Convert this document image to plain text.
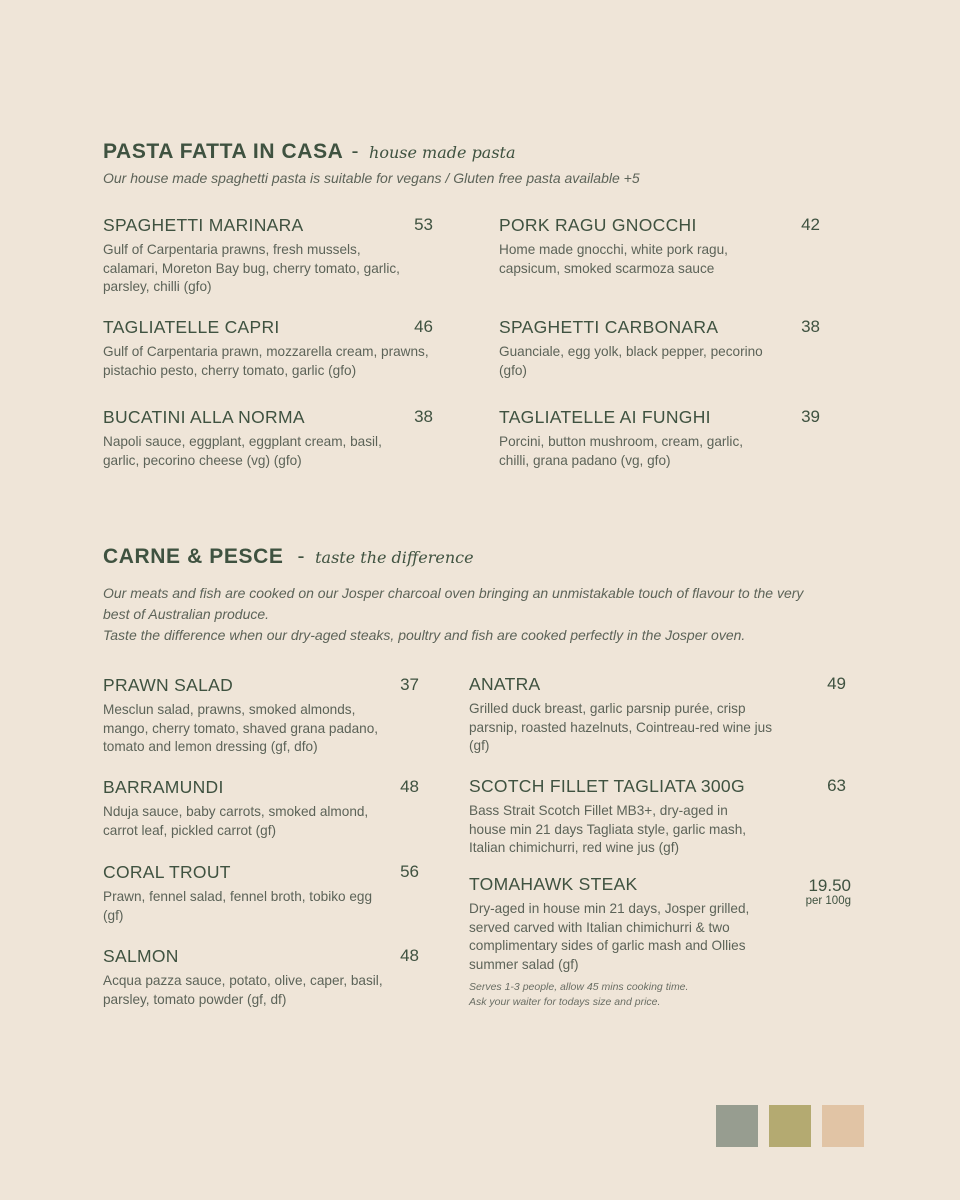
PASTA FATTA IN CASA - house made pasta
Our house made spaghetti pasta is suitable for vegans / Gluten free pasta available +5
SPAGHETTI MARINARA	53
Gulf of Carpentaria prawns, fresh mussels, calamari, Moreton Bay bug, cherry tomato, garlic, parsley, chilli (gfo)
PORK RAGU GNOCCHI	42
Home made gnocchi, white pork ragu, capsicum, smoked scarmoza sauce
TAGLIATELLE CAPRI	46
Gulf of Carpentaria prawn, mozzarella cream, prawns, pistachio pesto, cherry tomato, garlic (gfo)
SPAGHETTI CARBONARA	38
Guanciale, egg yolk, black pepper, pecorino (gfo)
BUCATINI ALLA NORMA	38
Napoli sauce, eggplant, eggplant cream, basil, garlic, pecorino cheese (vg) (gfo)
TAGLIATELLE AI FUNGHI	39
Porcini, button mushroom, cream, garlic, chilli, grana padano (vg, gfo)
CARNE & PESCE - taste the difference
Our meats and fish are cooked on our Josper charcoal oven bringing an unmistakable touch of flavour to the very best of Australian produce.
Taste the difference when our dry-aged steaks, poultry and fish are cooked perfectly in the Josper oven.
PRAWN SALAD	37
Mesclun salad, prawns, smoked almonds, mango, cherry tomato, shaved grana padano, tomato and lemon dressing (gf, dfo)
BARRAMUNDI	48
Nduja sauce, baby carrots, smoked almond, carrot leaf, pickled carrot (gf)
CORAL TROUT	56
Prawn, fennel salad, fennel broth, tobiko egg (gf)
SALMON	48
Acqua pazza sauce, potato, olive, caper, basil, parsley, tomato powder (gf, df)
ANATRA	49
Grilled duck breast, garlic parsnip purée, crisp parsnip, roasted hazelnuts, Cointreau-red wine jus (gf)
SCOTCH FILLET TAGLIATA 300G	63
Bass Strait Scotch Fillet MB3+, dry-aged in house min 21 days Tagliata style, garlic mash, Italian chimichurri, red wine jus (gf)
TOMAHAWK STEAK	19.50
per 100g
Dry-aged in house min 21 days, Josper grilled, served carved with Italian chimichurri & two complimentary sides of garlic mash and Ollies summer salad (gf)
Serves 1-3 people, allow 45 mins cooking time.
Ask your waiter for todays size and price.
